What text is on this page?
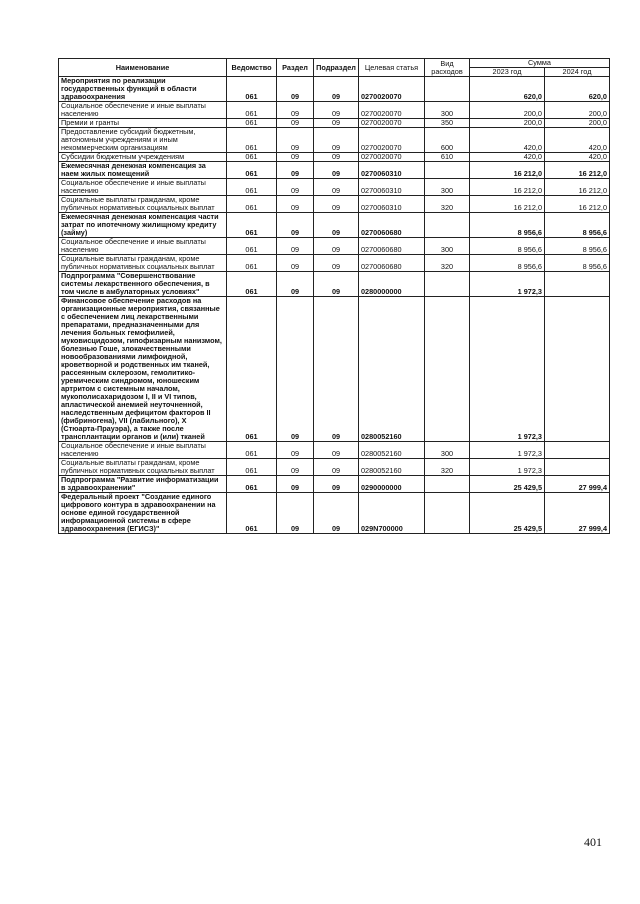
Наименование	Ведомство	Раздел	Подраздел	Целевая статья	Вид расходов	Сумма	
						2023 год	2024 год
Мероприятия по реализации государственных функций в области здравоохранения	061	09	09	0270020070		620,0	620,0
Социальное обеспечение и иные выплаты населению	061	09	09	0270020070	300	200,0	200,0
Премии и гранты	061	09	09	0270020070	350	200,0	200,0
Предоставление субсидий бюджетным, автономным учреждениям и иным некоммерческим организациям	061	09	09	0270020070	600	420,0	420,0
Субсидии бюджетным учреждениям	061	09	09	0270020070	610	420,0	420,0
Ежемесячная денежная компенсация за наем жилых помещений	061	09	09	0270060310		16 212,0	16 212,0
Социальное обеспечение и иные выплаты населению	061	09	09	0270060310	300	16 212,0	16 212,0
Социальные выплаты гражданам, кроме публичных нормативных социальных выплат	061	09	09	0270060310	320	16 212,0	16 212,0
Ежемесячная денежная компенсация части затрат по ипотечному жилищному кредиту (займу)	061	09	09	0270060680		8 956,6	8 956,6
Социальное обеспечение и иные выплаты населению	061	09	09	0270060680	300	8 956,6	8 956,6
Социальные выплаты гражданам, кроме публичных нормативных социальных выплат	061	09	09	0270060680	320	8 956,6	8 956,6
Подпрограмма "Совершенствование системы лекарственного обеспечения, в том числе в амбулаторных условиях"	061	09	09	0280000000		1 972,3	
Финансовое обеспечение расходов на организационные мероприятия, связанные с обеспечением лиц лекарственными препаратами, предназначенными для лечения больных гемофилией, муковисцидозом, гипофизарным нанизмом, болезнью Гоше, злокачественными новообразованиями лимфоидной, кроветворной и родственных им тканей, рассеянным склерозом, гемолитико-уремическим синдромом, юношеским артритом с системным началом, мукополисахаридозом I, II и VI типов, апластической анемией неуточненной, наследственным дефицитом факторов II (фибриногена), VII (лабильного), X (Стюарта-Прауэра), а также после трансплантации органов и (или) тканей	061	09	09	0280052160		1 972,3	
Социальное обеспечение и иные выплаты населению	061	09	09	0280052160	300	1 972,3	
Социальные выплаты гражданам, кроме публичных нормативных социальных выплат	061	09	09	0280052160	320	1 972,3	
Подпрограмма "Развитие информатизации в здравоохранении"	061	09	09	0290000000		25 429,5	27 999,4
Федеральный проект "Создание единого цифрового контура в здравоохранении на основе единой государственной информационной системы в сфере здравоохранения (ЕГИСЗ)"	061	09	09	029N700000		25 429,5	27 999,4
401
